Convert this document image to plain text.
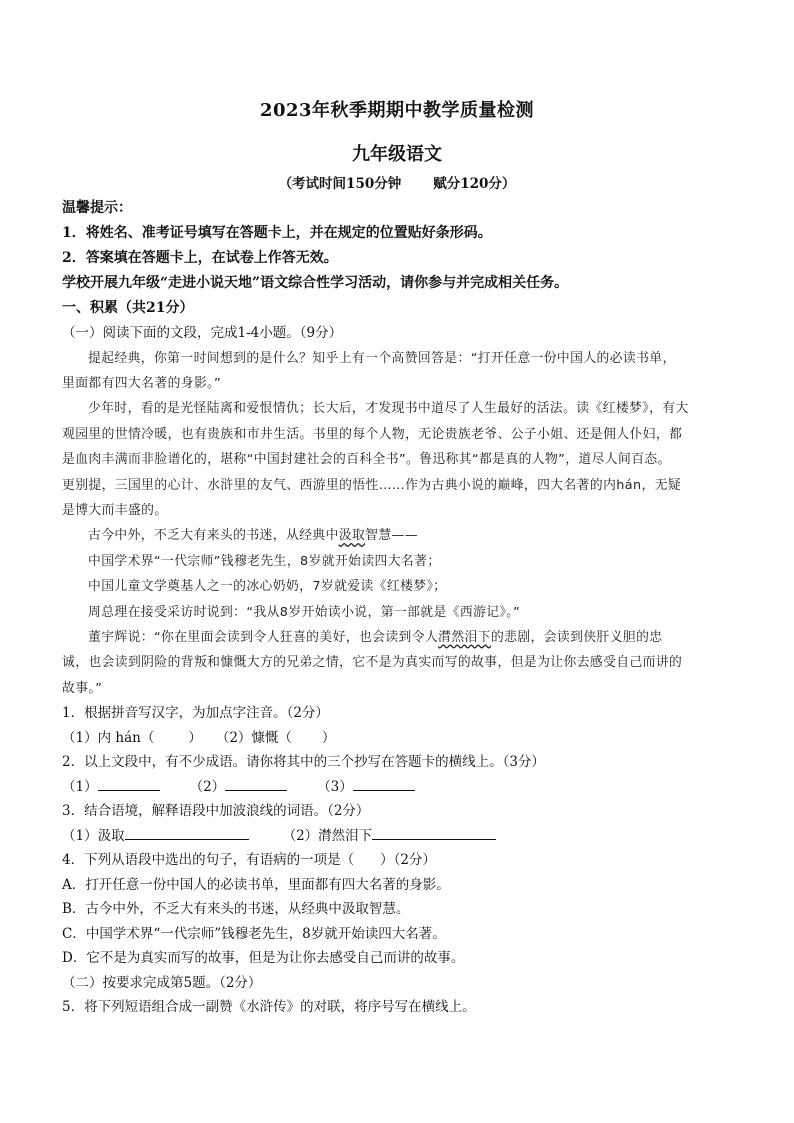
2023年秋季期期中教学质量检测
九年级语文
（考试时间150分钟 赋分120分）
温馨提示：
1．将姓名、准考证号填写在答题卡上，并在规定的位置贴好条形码。
2．答案填在答题卡上，在试卷上作答无效。
学校开展九年级“走进小说天地”语文综合性学习活动，请你参与并完成相关任务。
一、积累（共21分）
（一）阅读下面的文段，完成1-4小题。（9分）
提起经典，你第一时间想到的是什么？知乎上有一个高赞回答是：“打开任意一份中国人的必读书单，
里面都有四大名著的身影。”
少年时，看的是光怪陆离和爱恨情仇；长大后，才发现书中道尽了人生最好的活法。读《红楼梦》，有大
观园里的世情冷暖，也有贵族和市井生活。书里的每个人物，无论贵族老爷、公子小姐、还是佣人仆妇，都
是血肉丰满而非脸谱化的，堪称“中国封建社会的百科全书”。鲁迅称其“都是真的人物”，道尽人间百态。
更别提，三国里的心计、水浒里的友气、西游里的悟性……作为古典小说的巅峰，四大名著的内hán，无疑
是博大而丰盛的。
古今中外，不乏大有来头的书迷，从经典中汲取智慧——
中国学术界“一代宗师”钱穆老先生，8岁就开始读四大名著；
中国儿童文学奠基人之一的冰心奶奶，7岁就爱读《红楼梦》；
周总理在接受采访时说到：“我从8岁开始读小说，第一部就是《西游记》。”
董宇辉说：“你在里面会读到令人狂喜的美好，也会读到令人潸然泪下的悲剧，会读到侠肝义胆的忠
诚，也会读到阴险的背叛和慷慨大方的兄弟之情，它不是为真实而写的故事，但是为让你去感受自己而讲的
故事。”
1．根据拼音写汉字，为加点字注音。（2分）
（1）内 hán（	） （2）慷慨（ ）
2．以上文段中，有不少成语。请你将其中的三个抄写在答题卡的横线上。（3分）
（1）	（2）	（3）
3．结合语境，解释语段中加波浪线的词语。（2分）
（1）汲取	（2）潸然泪下
4．下列从语段中选出的句子，有语病的一项是（ ）（2分）
A．打开任意一份中国人的必读书单，里面都有四大名著的身影。
B．古今中外，不乏大有来头的书迷，从经典中汲取智慧。
C．中国学术界“一代宗师”钱穆老先生，8岁就开始读四大名著。
D．它不是为真实而写的故事，但是为让你去感受自己而讲的故事。
（二）按要求完成第5题。（2分）
5．将下列短语组合成一副赞《水浒传》的对联，将序号写在横线上。
